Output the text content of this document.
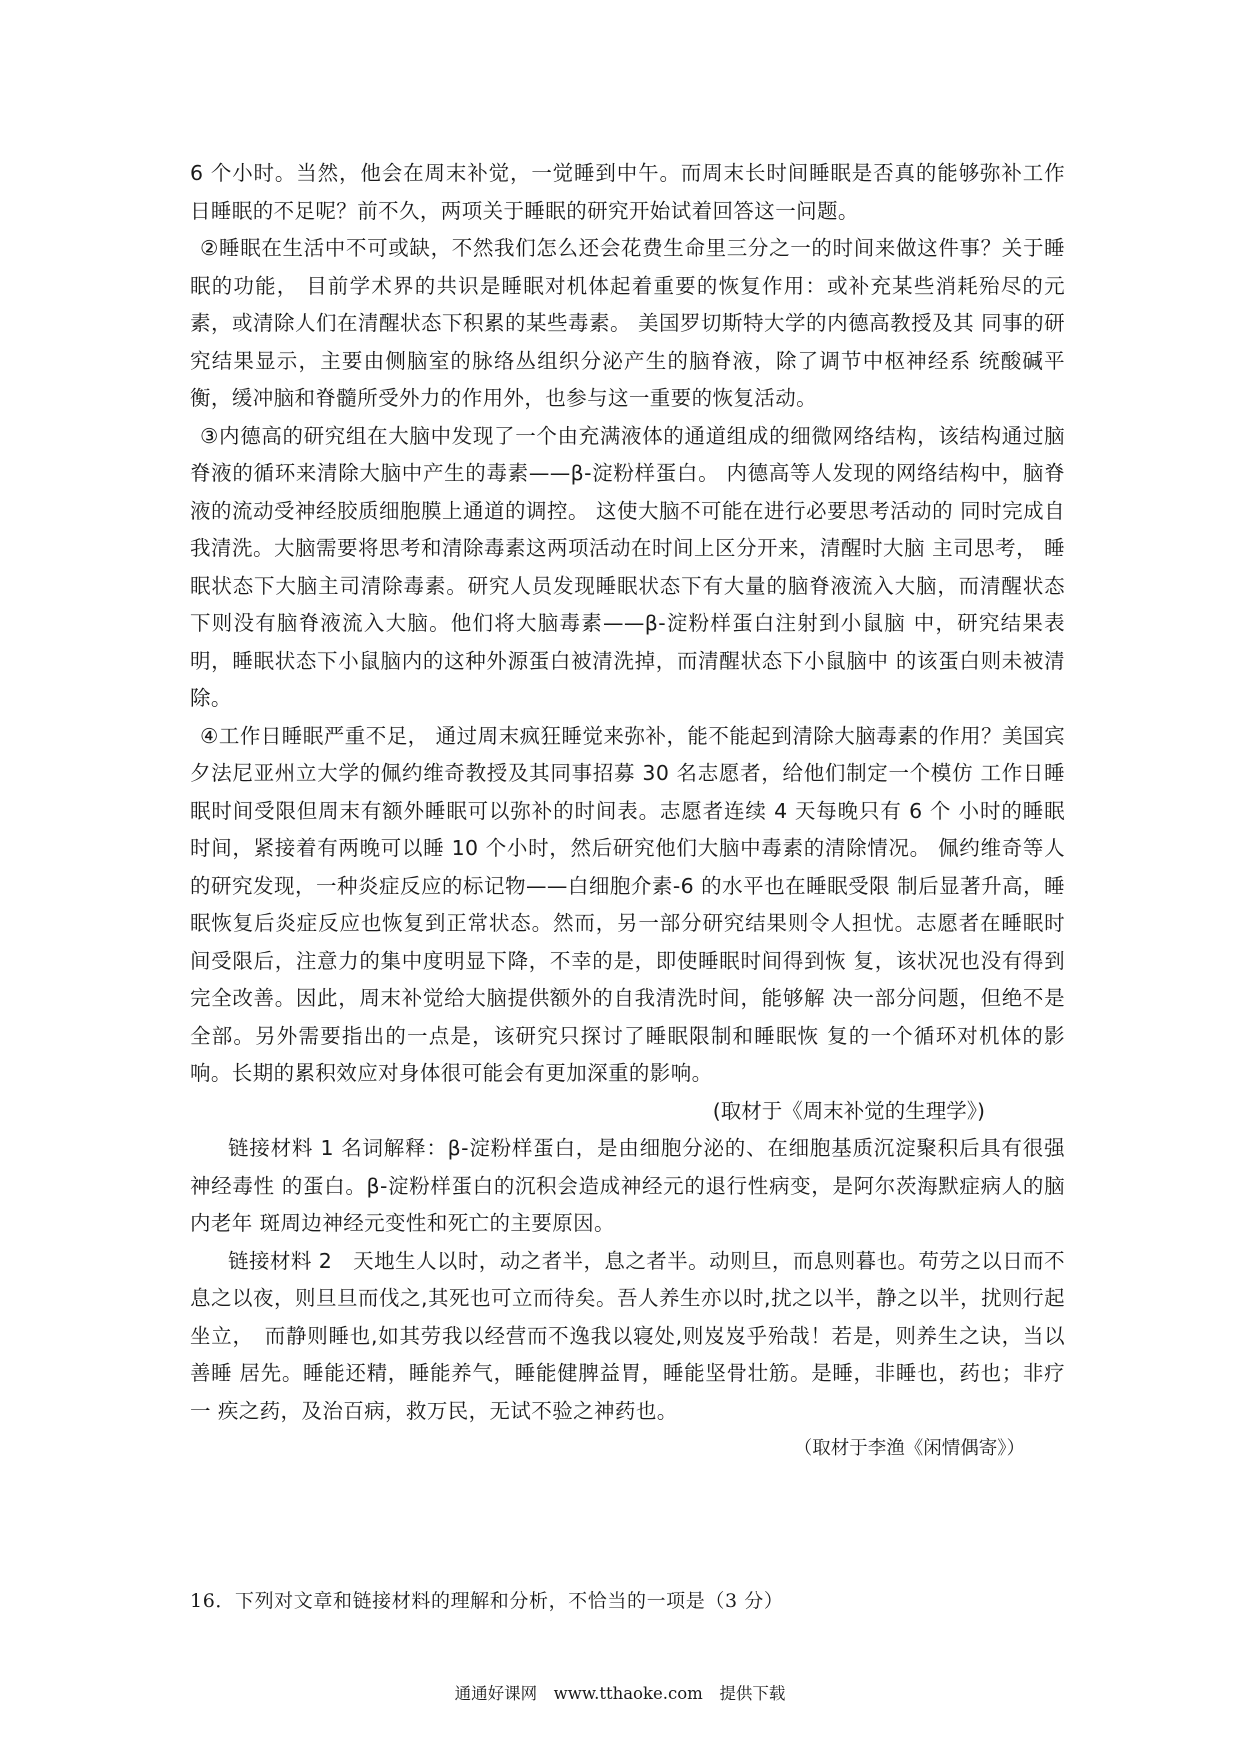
6 个小时。当然，他会在周末补觉，一觉睡到中午。而周末长时间睡眠是否真的能够弥补工作日睡眠的不足呢？前不久，两项关于睡眠的研究开始试着回答这一问题。

②睡眠在生活中不可或缺，不然我们怎么还会花费生命里三分之一的时间来做这件事？关于睡眠的功能， 目前学术界的共识是睡眠对机体起着重要的恢复作用：或补充某些消耗殆尽的元素，或清除人们在清醒状态下积累的某些毒素。 美国罗切斯特大学的内德高教授及其 同事的研究结果显示，主要由侧脑室的脉络丛组织分泌产生的脑脊液，除了调节中枢神经系 统酸碱平衡，缓冲脑和脊髓所受外力的作用外，也参与这一重要的恢复活动。

③内德高的研究组在大脑中发现了一个由充满液体的通道组成的细微网络结构，该结构通过脑脊液的循环来清除大脑中产生的毒素——β-淀粉样蛋白。 内德高等人发现的网络结构中，脑脊液的流动受神经胶质细胞膜上通道的调控。 这使大脑不可能在进行必要思考活动的 同时完成自我清洗。大脑需要将思考和清除毒素这两项活动在时间上区分开来，清醒时大脑 主司思考， 睡眠状态下大脑主司清除毒素。研究人员发现睡眠状态下有大量的脑脊液流入大脑，而清醒状态下则没有脑脊液流入大脑。他们将大脑毒素——β-淀粉样蛋白注射到小鼠脑 中，研究结果表明，睡眠状态下小鼠脑内的这种外源蛋白被清洗掉，而清醒状态下小鼠脑中 的该蛋白则未被清除。

④工作日睡眠严重不足， 通过周末疯狂睡觉来弥补，能不能起到清除大脑毒素的作用？美国宾夕法尼亚州立大学的佩约维奇教授及其同事招募 30 名志愿者，给他们制定一个模仿 工作日睡眠时间受限但周末有额外睡眠可以弥补的时间表。志愿者连续 4 天每晚只有 6 个 小时的睡眠时间，紧接着有两晚可以睡 10 个小时，然后研究他们大脑中毒素的清除情况。 佩约维奇等人的研究发现，一种炎症反应的标记物——白细胞介素-6 的水平也在睡眠受限 制后显著升高，睡眠恢复后炎症反应也恢复到正常状态。然而，另一部分研究结果则令人担忧。志愿者在睡眠时间受限后，注意力的集中度明显下降，不幸的是，即使睡眠时间得到恢 复，该状况也没有得到完全改善。因此，周末补觉给大脑提供额外的自我清洗时间，能够解 决一部分问题，但绝不是全部。另外需要指出的一点是，该研究只探讨了睡眠限制和睡眠恢 复的一个循环对机体的影响。长期的累积效应对身体很可能会有更加深重的影响。

(取材于《周末补觉的生理学》)

链接材料 1 名词解释：β-淀粉样蛋白，是由细胞分泌的、在细胞基质沉淀聚积后具有很强神经毒性 的蛋白。β-淀粉样蛋白的沉积会造成神经元的退行性病变，是阿尔茨海默症病人的脑内老年 斑周边神经元变性和死亡的主要原因。

链接材料 2　天地生人以时，动之者半，息之者半。动则旦，而息则暮也。苟劳之以日而不息之以夜，则旦旦而伐之,其死也可立而待矣。吾人养生亦以时,扰之以半，静之以半，扰则行起坐立，　而静则睡也,如其劳我以经营而不逸我以寝处,则岌岌乎殆哉！若是，则养生之诀，当以善睡 居先。睡能还精，睡能养气，睡能健脾益胃，睡能坚骨壮筋。是睡，非睡也，药也；非疗一 疾之药，及治百病，救万民，无试不验之神药也。

（取材于李渔《闲情偶寄》）

16．下列对文章和链接材料的理解和分析，不恰当的一项是（3 分）

通通好课网　www.tthaoke.com　提供下载
